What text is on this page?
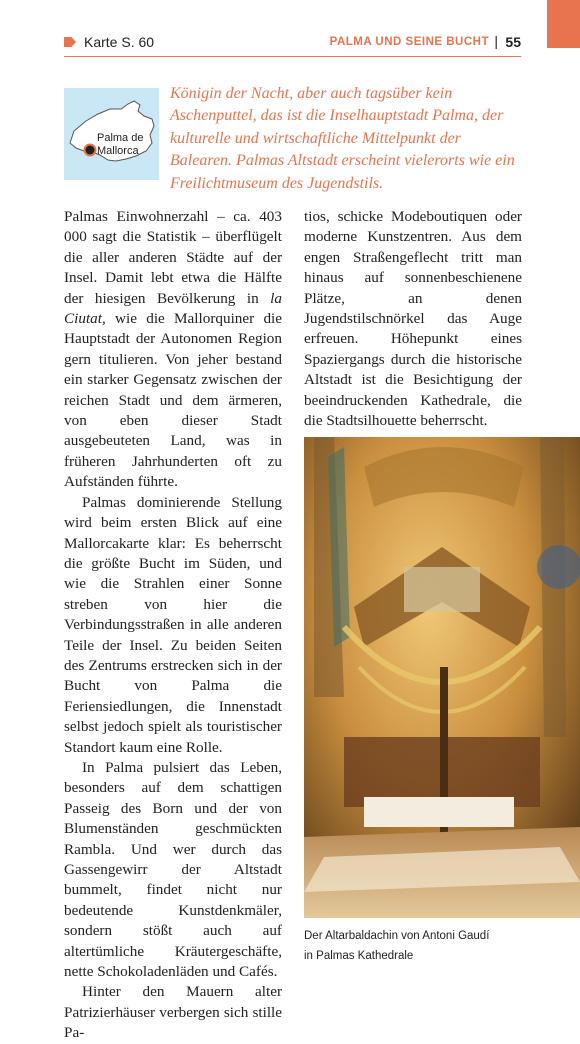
Karte S. 60	PALMA UND SEINE BUCHT | 55
Palma de
Mallorca
Königin der Nacht, aber auch tagsüber kein Aschenputtel, das ist die Inselhauptstadt Palma, der kulturelle und wirtschaftliche Mittelpunkt der Balearen. Palmas Altstadt erscheint vielerorts wie ein Freilichtmuseum des Jugendstils.

Palmas Einwohnerzahl – ca. 403 000 sagt die Statistik – überflügelt die aller anderen Städte auf der Insel. Damit lebt etwa die Hälfte der hiesigen Bevölkerung in la Ciutat, wie die Mallorquiner die Hauptstadt der Autonomen Region gern titulieren. Von jeher bestand ein starker Gegensatz zwischen der reichen Stadt und dem ärmeren, von eben dieser Stadt ausgebeuteten Land, was in früheren Jahrhunderten oft zu Aufständen führte.

Palmas dominierende Stellung wird beim ersten Blick auf eine Mallorcakarte klar: Es beherrscht die größte Bucht im Süden, und wie die Strahlen einer Sonne streben von hier die Verbindungsstraßen in alle anderen Teile der Insel. Zu beiden Seiten des Zentrums erstrecken sich in der Bucht von Palma die Feriensiedlungen, die Innenstadt selbst jedoch spielt als touristischer Standort kaum eine Rolle.

In Palma pulsiert das Leben, besonders auf dem schattigen Passeig des Born und der von Blumenständen geschmückten Rambla. Und wer durch das Gassengewirr der Altstadt bummelt, findet nicht nur bedeutende Kunstdenkmäler, sondern stößt auch auf altertümliche Kräutergeschäfte, nette Schokoladenläden und Cafés.

Hinter den Mauern alter Patrizierhäuser verbergen sich stille Pa-

tios, schicke Modeboutiquen oder moderne Kunstzentren. Aus dem engen Straßengeflecht tritt man hinaus auf sonnenbeschienene Plätze, an denen Jugendstilschnörkel das Auge erfreuen. Höhepunkt eines Spaziergangs durch die historische Altstadt ist die Besichtigung der beeindruckenden Kathedrale, die die Stadtsilhouette beherrscht.

Der Altarbaldachin von Antoni Gaudí
in Palmas Kathedrale
